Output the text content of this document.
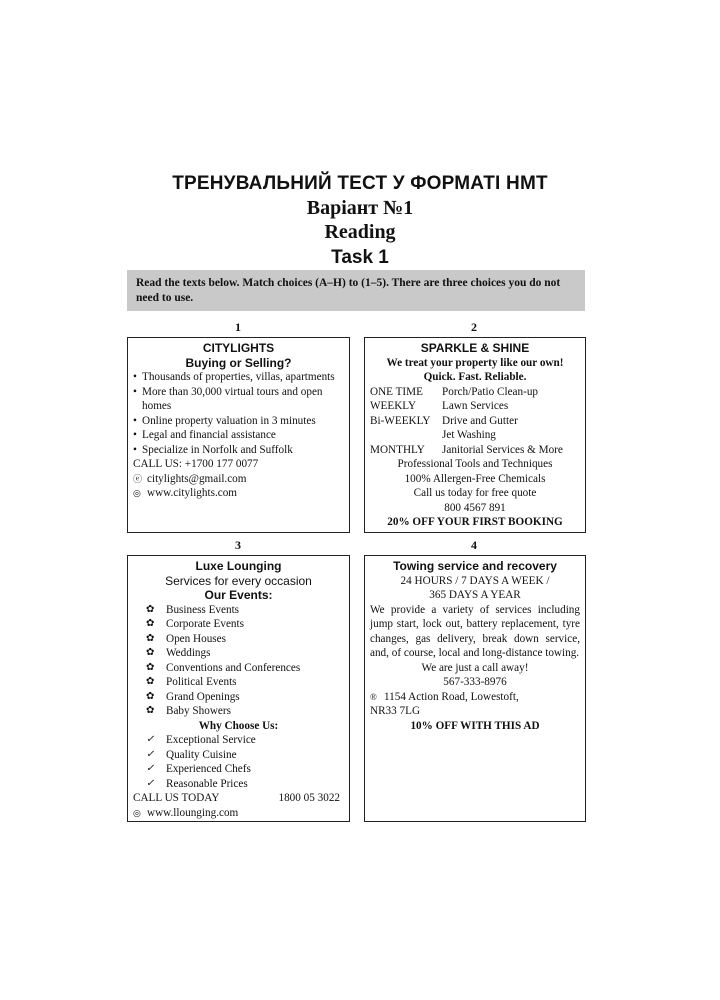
ТРЕНУВАЛЬНИЙ ТЕСТ У ФОРМАТІ НМТ
Варіант №1
Reading
Task 1
Read the texts below. Match choices (A–H) to (1–5). There are three choices you do not need to use.
1	2
3	4
CITYLIGHTS
Buying or Selling?
• Thousands of properties, villas, apartments
• More than 30,000 virtual tours and open homes
• Online property valuation in 3 minutes
• Legal and financial assistance
• Specialize in Norfolk and Suffolk
CALL US: +1700 177 0077
ⓔ citylights@gmail.com
◎ www.citylights.com
SPARKLE & SHINE
We treat your property like our own!
Quick. Fast. Reliable.
ONE TIME	Porch/Patio Clean-up
WEEKLY	Lawn Services
Bi-WEEKLY	Drive and Gutter
Jet Washing
MONTHLY	Janitorial Services & More
Professional Tools and Techniques
100% Allergen-Free Chemicals
Call us today for free quote
800 4567 891
20% OFF YOUR FIRST BOOKING
Luxe Lounging
Services for every occasion
Our Events:
✿	Business Events
✿	Corporate Events
✿	Open Houses
✿	Weddings
✿	Conventions and Conferences
✿	Political Events
✿	Grand Openings
✿	Baby Showers
Why Choose Us:
✓	Exceptional Service
✓	Quality Cuisine
✓	Experienced Chefs
✓	Reasonable Prices
CALL US TODAY	1800 05 3022
◎ www.llounging.com
Towing service and recovery
24 HOURS / 7 DAYS A WEEK /
365 DAYS A YEAR
We provide a variety of services including jump start, lock out, battery replacement, tyre changes, gas delivery, break down service, and, of course, local and long-distance towing.
We are just a call away!
567-333-8976
® 1154 Action Road, Lowestoft,
NR33 7LG
10% OFF WITH THIS AD
